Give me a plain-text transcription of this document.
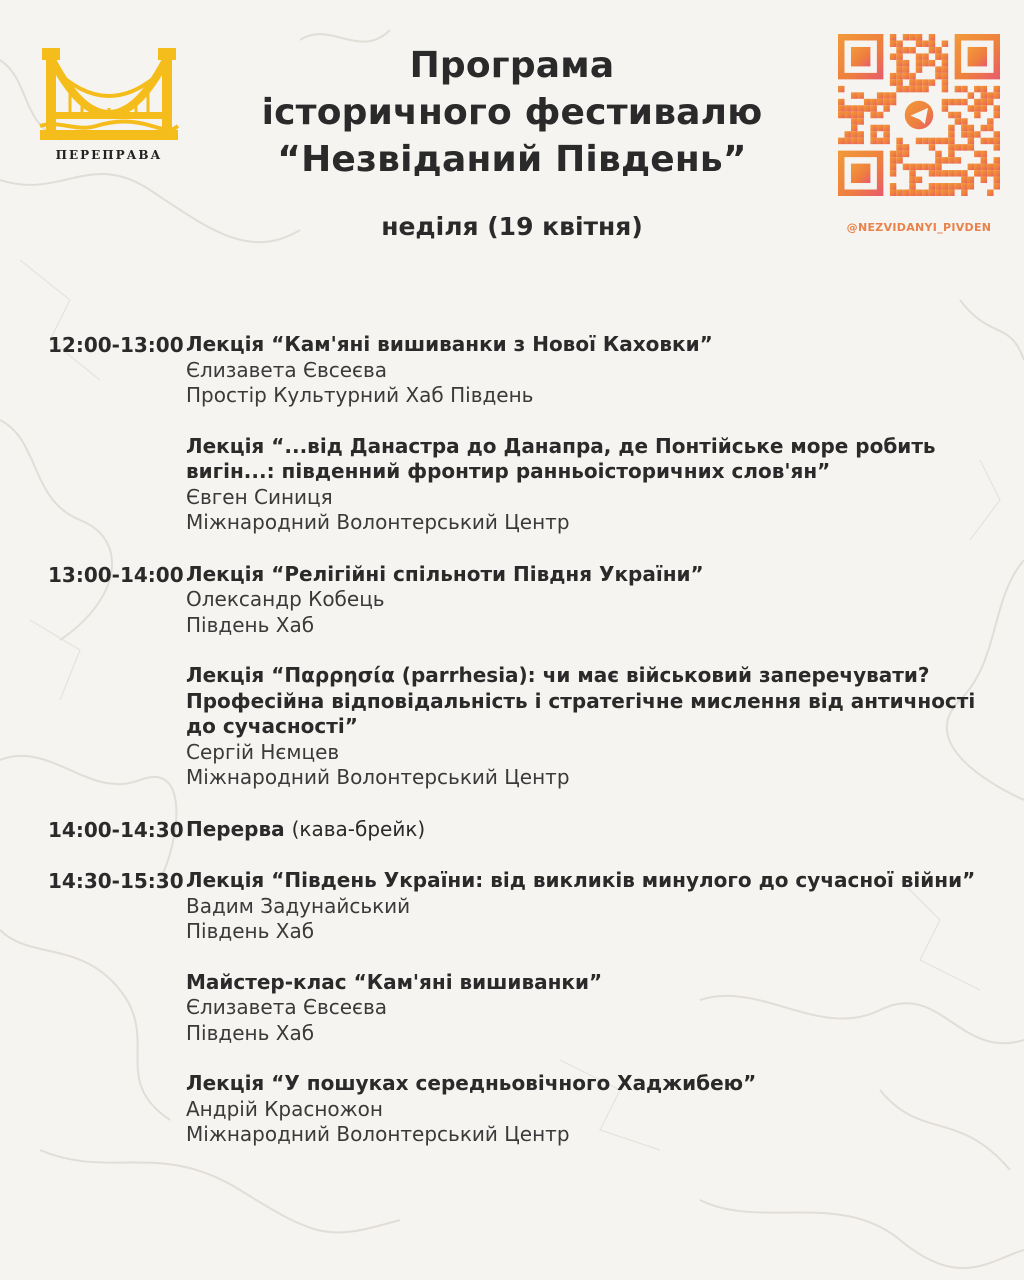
ПЕРЕПРАВА
Програма
історичного фестивалю
“Незвіданий Південь”
неділя (19 квітня)	@NEZVIDANYI_PIVDEN
12:00-13:00 Лекція “Кам'яні вишиванки з Нової Каховки”
Єлизавета Євсеєва
Простір Культурний Хаб Південь
Лекція “...від Данастра до Данапра, де Понтійське море робить вигін...: південний фронтир ранньоісторичних слов'ян”
Євген Синиця
Міжнародний Волонтерський Центр
13:00-14:00 Лекція “Релігійні спільноти Півдня України”
Олександр Кобець
Південь Хаб
Лекція “Παρρησία (parrhesia): чи має військовий заперечувати? Професійна відповідальність і стратегічне мислення від античності до сучасності”
Сергій Нємцев
Міжнародний Волонтерський Центр
14:00-14:30 Перерва (кава-брейк)
14:30-15:30 Лекція “Південь України: від викликів минулого до сучасної війни”
Вадим Задунайський
Південь Хаб
Майстер-клас “Кам'яні вишиванки”
Єлизавета Євсеєва
Південь Хаб
Лекція “У пошуках середньовічного Хаджибею”
Андрій Красножон
Міжнародний Волонтерський Центр
